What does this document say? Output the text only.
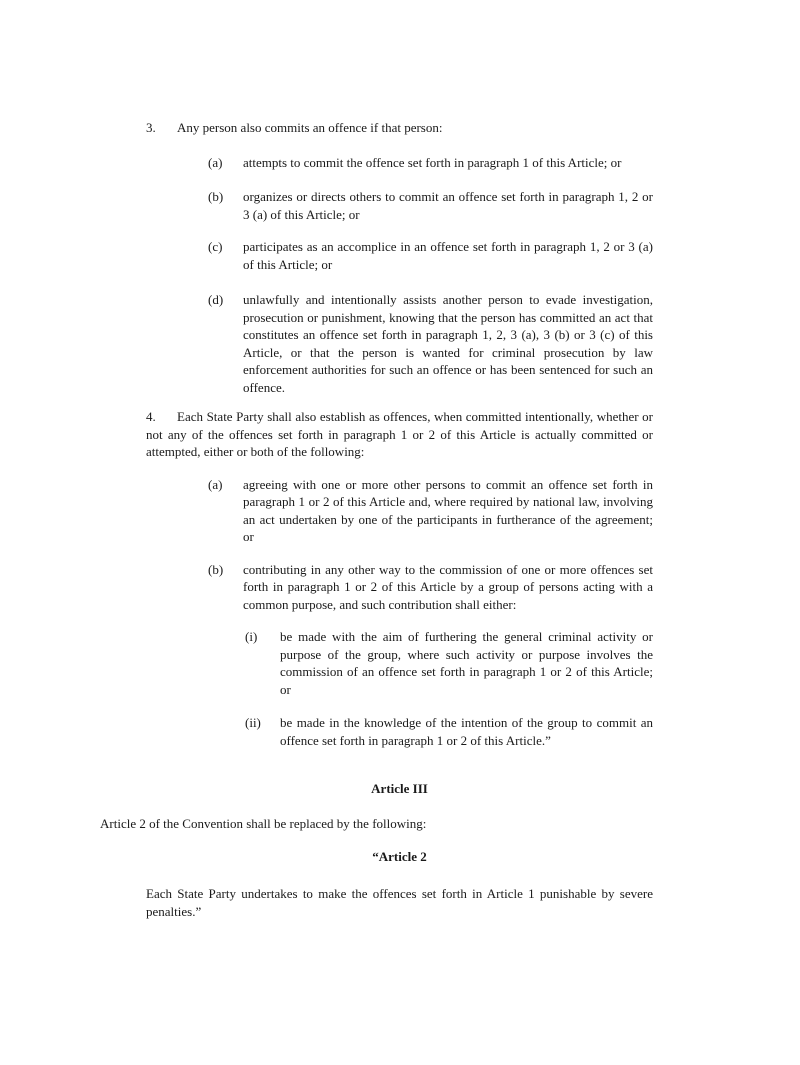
3. Any person also commits an offence if that person:
(a) attempts to commit the offence set forth in paragraph 1 of this Article; or
(b) organizes or directs others to commit an offence set forth in paragraph 1, 2 or 3 (a) of this Article; or
(c) participates as an accomplice in an offence set forth in paragraph 1, 2 or 3 (a) of this Article; or
(d) unlawfully and intentionally assists another person to evade investigation, prosecution or punishment, knowing that the person has committed an act that constitutes an offence set forth in paragraph 1, 2, 3 (a), 3 (b) or 3 (c) of this Article, or that the person is wanted for criminal prosecution by law enforcement authorities for such an offence or has been sentenced for such an offence.
4. Each State Party shall also establish as offences, when committed intentionally, whether or not any of the offences set forth in paragraph 1 or 2 of this Article is actually committed or attempted, either or both of the following:
(a) agreeing with one or more other persons to commit an offence set forth in paragraph 1 or 2 of this Article and, where required by national law, involving an act undertaken by one of the participants in furtherance of the agreement; or
(b) contributing in any other way to the commission of one or more offences set forth in paragraph 1 or 2 of this Article by a group of persons acting with a common purpose, and such contribution shall either:
(i) be made with the aim of furthering the general criminal activity or purpose of the group, where such activity or purpose involves the commission of an offence set forth in paragraph 1 or 2 of this Article; or
(ii) be made in the knowledge of the intention of the group to commit an offence set forth in paragraph 1 or 2 of this Article.”
Article III
Article 2 of the Convention shall be replaced by the following:
“Article 2
Each State Party undertakes to make the offences set forth in Article 1 punishable by severe penalties.”
